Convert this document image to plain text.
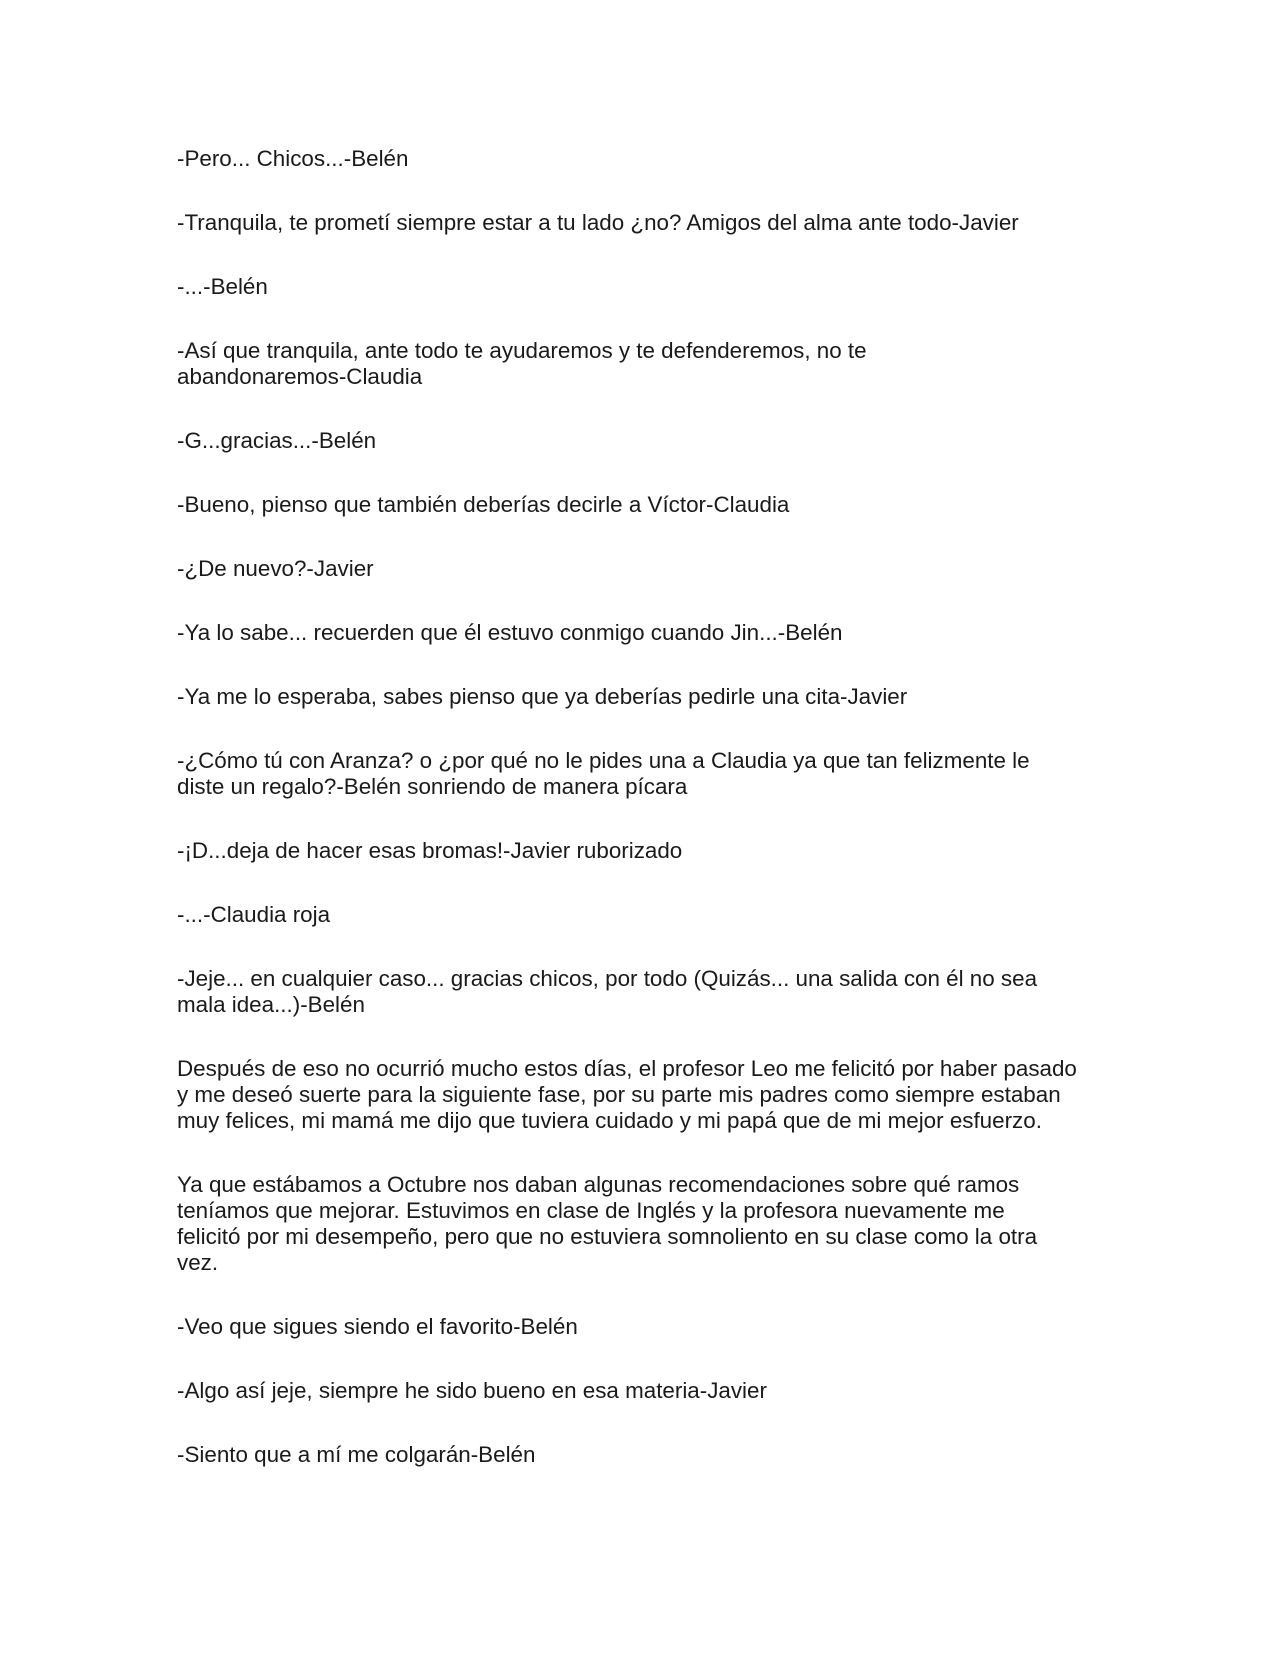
-Pero... Chicos...-Belén

-Tranquila, te prometí siempre estar a tu lado ¿no? Amigos del alma ante todo-Javier

-...-Belén

-Así que tranquila, ante todo te ayudaremos y te defenderemos, no te abandonaremos-Claudia

-G...gracias...-Belén

-Bueno, pienso que también deberías decirle a Víctor-Claudia

-¿De nuevo?-Javier

-Ya lo sabe... recuerden que él estuvo conmigo cuando Jin...-Belén

-Ya me lo esperaba, sabes pienso que ya deberías pedirle una cita-Javier

-¿Cómo tú con Aranza? o ¿por qué no le pides una a Claudia ya que tan felizmente le diste un regalo?-Belén sonriendo de manera pícara

-¡D...deja de hacer esas bromas!-Javier ruborizado

-...-Claudia roja

-Jeje... en cualquier caso... gracias chicos, por todo (Quizás... una salida con él no sea mala idea...)-Belén

Después de eso no ocurrió mucho estos días, el profesor Leo me felicitó por haber pasado y me deseó suerte para la siguiente fase, por su parte mis padres como siempre estaban muy felices, mi mamá me dijo que tuviera cuidado y mi papá que de mi mejor esfuerzo.

Ya que estábamos a Octubre nos daban algunas recomendaciones sobre qué ramos teníamos que mejorar. Estuvimos en clase de Inglés y la profesora nuevamente me felicitó por mi desempeño, pero que no estuviera somnoliento en su clase como la otra vez.

-Veo que sigues siendo el favorito-Belén

-Algo así jeje, siempre he sido bueno en esa materia-Javier

-Siento que a mí me colgarán-Belén
